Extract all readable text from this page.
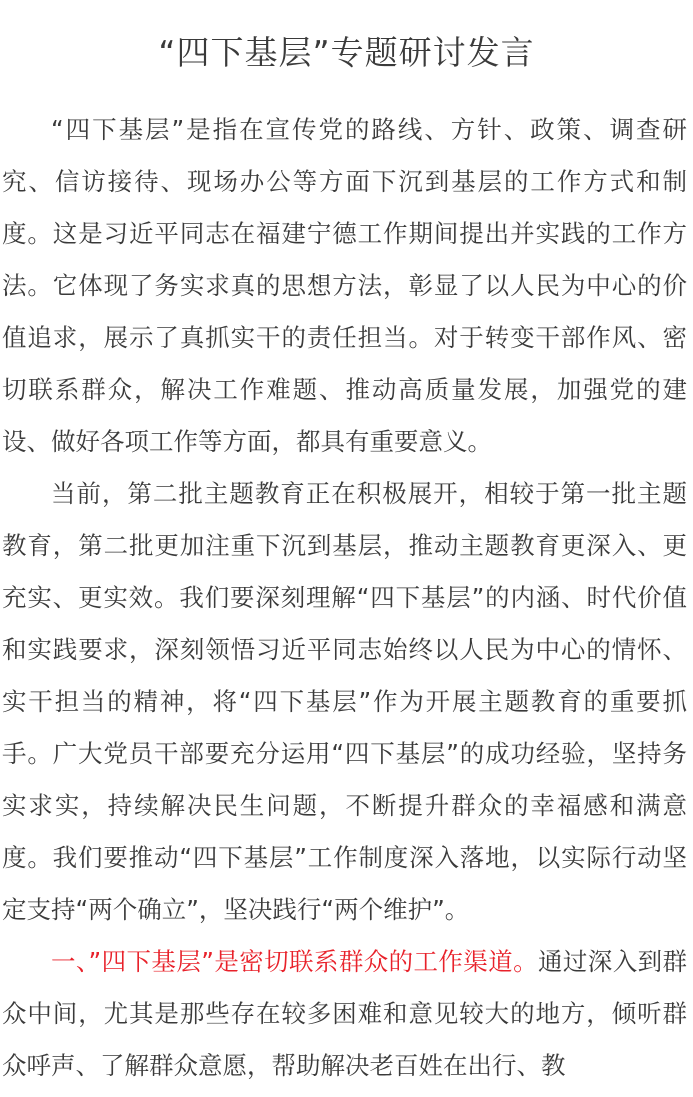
“四下基层”专题研讨发言

“四下基层”是指在宣传党的路线、方针、政策、调查研究、信访接待、现场办公等方面下沉到基层的工作方式和制度。这是习近平同志在福建宁德工作期间提出并实践的工作方法。它体现了务实求真的思想方法，彰显了以人民为中心的价值追求，展示了真抓实干的责任担当。对于转变干部作风、密切联系群众，解决工作难题、推动高质量发展，加强党的建设、做好各项工作等方面，都具有重要意义。

当前，第二批主题教育正在积极展开，相较于第一批主题教育，第二批更加注重下沉到基层，推动主题教育更深入、更充实、更实效。我们要深刻理解“四下基层”的内涵、时代价值和实践要求，深刻领悟习近平同志始终以人民为中心的情怀、实干担当的精神，将“四下基层”作为开展主题教育的重要抓手。广大党员干部要充分运用“四下基层”的成功经验，坚持务实求实，持续解决民生问题，不断提升群众的幸福感和满意度。我们要推动“四下基层”工作制度深入落地，以实际行动坚定支持“两个确立”，坚决践行“两个维护”。

一、”四下基层”是密切联系群众的工作渠道。通过深入到群众中间，尤其是那些存在较多困难和意见较大的地方，倾听群众呼声、了解群众意愿，帮助解决老百姓在出行、教
